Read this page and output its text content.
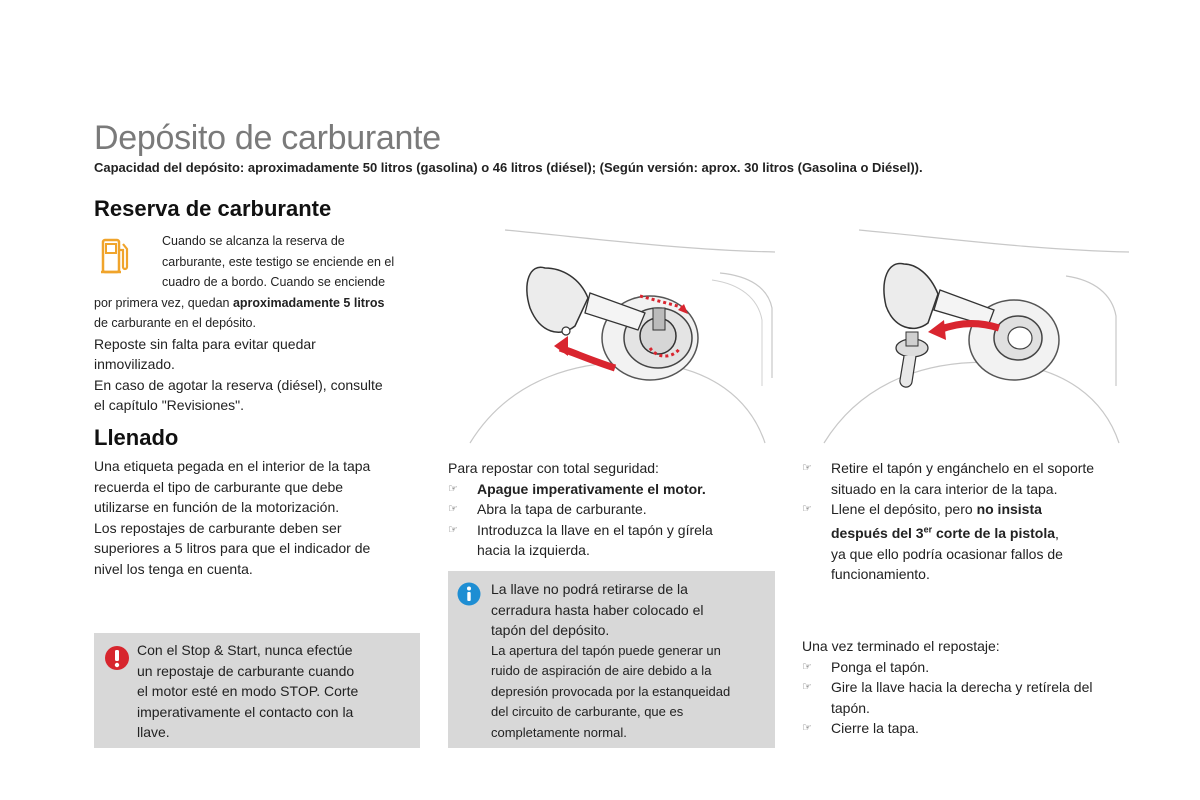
Depósito de carburante
Capacidad del depósito: aproximadamente 50 litros (gasolina) o 46 litros (diésel); (Según versión: aprox. 30 litros (Gasolina o Diésel)).
Reserva de carburante
Cuando se alcanza la reserva de
carburante, este testigo se enciende en el
cuadro de a bordo. Cuando se enciende
por primera vez, quedan aproximadamente 5 litros
de carburante en el depósito.
Reposte sin falta para evitar quedar
inmovilizado.
En caso de agotar la reserva (diésel), consulte
el capítulo "Revisiones".
Llenado
Una etiqueta pegada en el interior de la tapa
recuerda el tipo de carburante que debe
utilizarse en función de la motorización.
Los repostajes de carburante deben ser
superiores a 5 litros para que el indicador de
nivel los tenga en cuenta.
Con el Stop & Start, nunca efectúe
un repostaje de carburante cuando
el motor esté en modo STOP. Corte
imperativamente el contacto con la
llave.
Para repostar con total seguridad:
☞ Apague imperativamente el motor.
☞ Abra la tapa de carburante.
☞ Introduzca la llave en el tapón y gírela
hacia la izquierda.
La llave no podrá retirarse de la
cerradura hasta haber colocado el
tapón del depósito.
La apertura del tapón puede generar un
ruido de aspiración de aire debido a la
depresión provocada por la estanqueidad
del circuito de carburante, que es
completamente normal.
☞ Retire el tapón y engánchelo en el soporte
situado en la cara interior de la tapa.
☞ Llene el depósito, pero no insista
después del 3er corte de la pistola,
ya que ello podría ocasionar fallos de
funcionamiento.
Una vez terminado el repostaje:
☞ Ponga el tapón.
☞ Gire la llave hacia la derecha y retírela del
tapón.
☞ Cierre la tapa.
